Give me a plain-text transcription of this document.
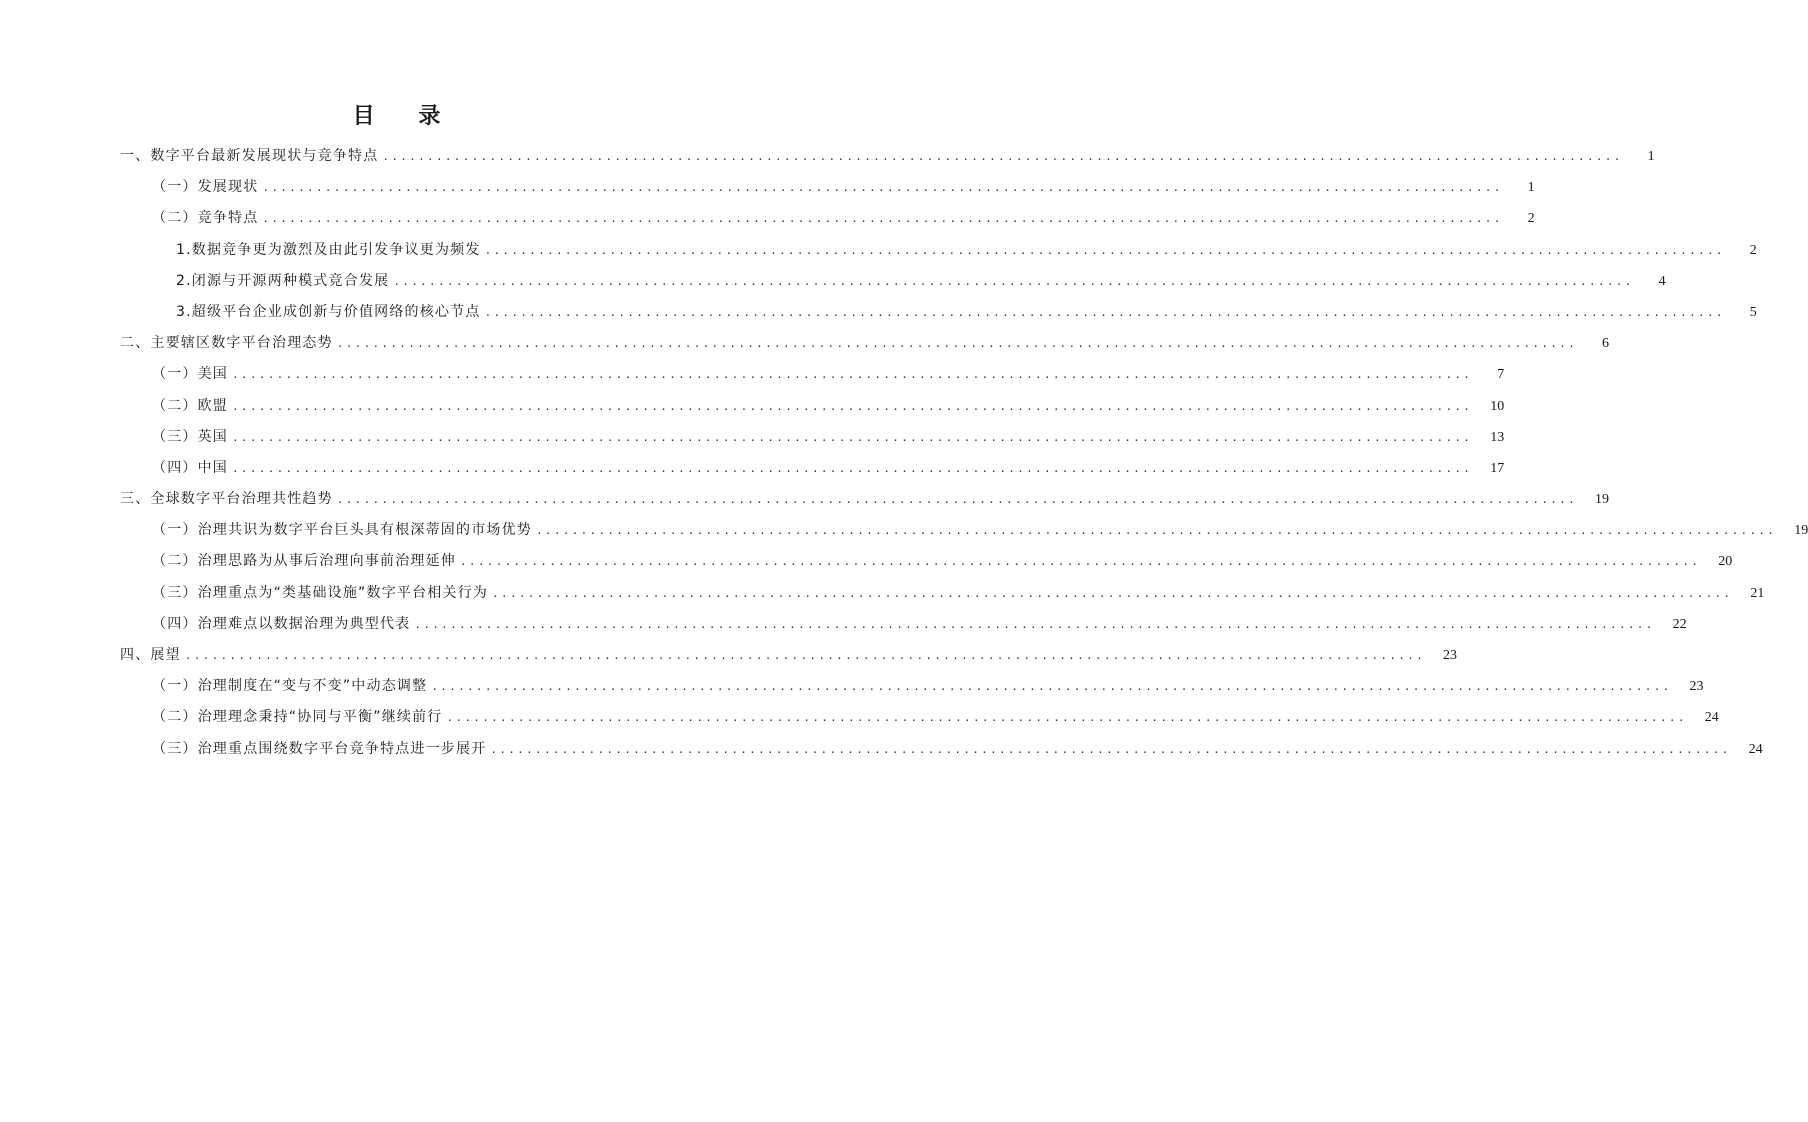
目 录
一、数字平台最新发展现状与竞争特点 ...........................................................................................................................................	1
（一）发展现状 ...........................................................................................................................................	1
（二）竞争特点 ...........................................................................................................................................	2
1.数据竞争更为激烈及由此引发争议更为频发 ...........................................................................................................................................	2
2.闭源与开源两种模式竞合发展 ...........................................................................................................................................	4
3.超级平台企业成创新与价值网络的核心节点 ...........................................................................................................................................	5
二、主要辖区数字平台治理态势 ...........................................................................................................................................	6
（一）美国 ...........................................................................................................................................	7
（二）欧盟 ...........................................................................................................................................	10
（三）英国 ...........................................................................................................................................	13
（四）中国 ...........................................................................................................................................	17
三、全球数字平台治理共性趋势 ...........................................................................................................................................	19
（一）治理共识为数字平台巨头具有根深蒂固的市场优势 ...........................................................................................................................................	19
（二）治理思路为从事后治理向事前治理延伸 ...........................................................................................................................................	20
（三）治理重点为“类基础设施”数字平台相关行为 ...........................................................................................................................................	21
（四）治理难点以数据治理为典型代表 ...........................................................................................................................................	22
四、展望 ...........................................................................................................................................	23
（一）治理制度在“变与不变”中动态调整 ...........................................................................................................................................	23
（二）治理理念秉持“协同与平衡”继续前行 ...........................................................................................................................................	24
（三）治理重点围绕数字平台竞争特点进一步展开 ...........................................................................................................................................	24
